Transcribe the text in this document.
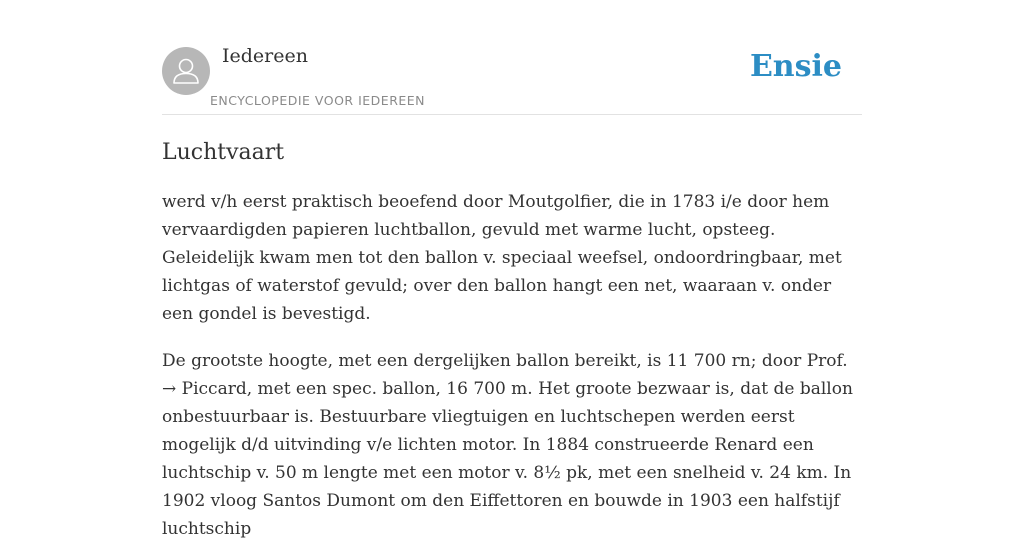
Iedereen
ENCYCLOPEDIE VOOR IEDEREEN
Ensie
Luchtvaart

werd v/h eerst praktisch beoefend door Moutgolfier, die in 1783 i/e door hem vervaardigden papieren luchtballon, gevuld met warme lucht, opsteeg. Geleidelijk kwam men tot den ballon v. speciaal weefsel, ondoordringbaar, met lichtgas of waterstof gevuld; over den ballon hangt een net, waaraan v. onder een gondel is bevestigd.

De grootste hoogte, met een dergelijken ballon bereikt, is 11 700 rn; door Prof. → Piccard, met een spec. ballon, 16 700 m. Het groote bezwaar is, dat de ballon onbestuurbaar is. Bestuurbare vliegtuigen en luchtschepen werden eerst mogelijk d/d uitvinding v/e lichten motor. In 1884 construeerde Renard een luchtschip v. 50 m lengte met een motor v. 8½ pk, met een snelheid v. 24 km. In 1902 vloog Santos Dumont om den Eiffettoren en bouwde in 1903 een halfstijf luchtschip
